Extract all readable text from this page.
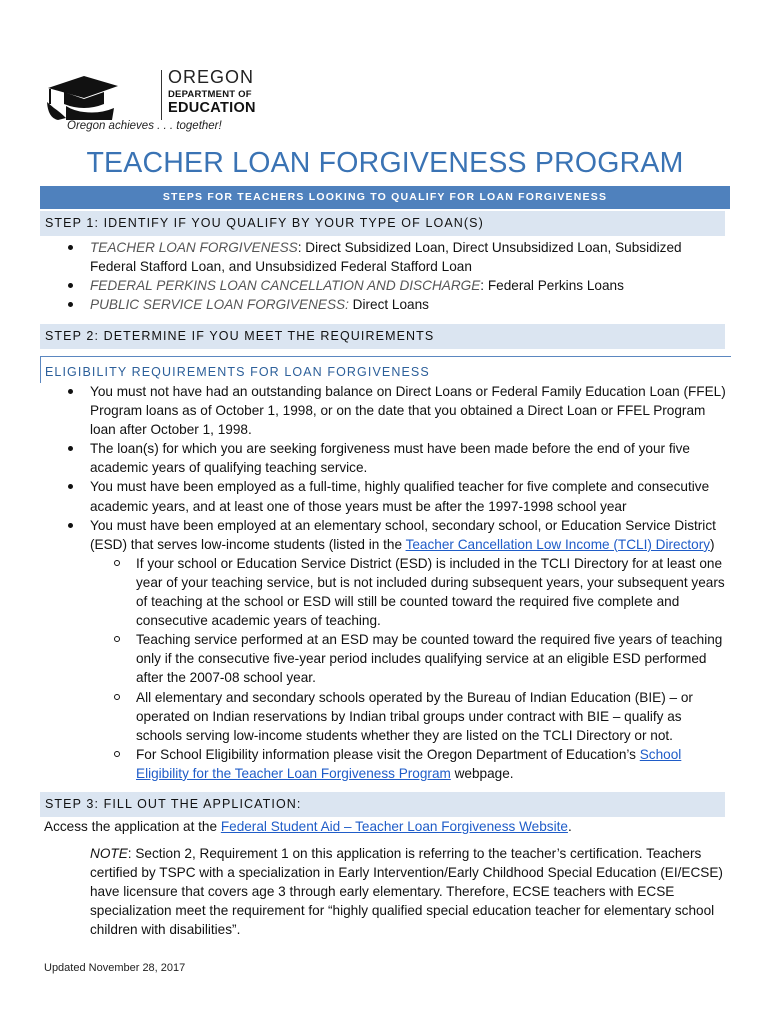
OREGON
DEPARTMENT OF
EDUCATION
Oregon achieves . . . together!
TEACHER LOAN FORGIVENESS PROGRAM
STEPS FOR TEACHERS LOOKING TO QUALIFY FOR LOAN FORGIVENESS
STEP 1: IDENTIFY IF YOU QUALIFY BY YOUR TYPE OF LOAN(S)
TEACHER LOAN FORGIVENESS: Direct Subsidized Loan, Direct Unsubsidized Loan, Subsidized Federal Stafford Loan, and Unsubsidized Federal Stafford Loan
FEDERAL PERKINS LOAN CANCELLATION AND DISCHARGE: Federal Perkins Loans
PUBLIC SERVICE LOAN FORGIVENESS: Direct Loans
STEP 2: DETERMINE IF YOU MEET THE REQUIREMENTS
ELIGIBILITY REQUIREMENTS FOR LOAN FORGIVENESS
You must not have had an outstanding balance on Direct Loans or Federal Family Education Loan (FFEL) Program loans as of October 1, 1998, or on the date that you obtained a Direct Loan or FFEL Program loan after October 1, 1998.
The loan(s) for which you are seeking forgiveness must have been made before the end of your five academic years of qualifying teaching service.
You must have been employed as a full-time, highly qualified teacher for five complete and consecutive academic years, and at least one of those years must be after the 1997-1998 school year
You must have been employed at an elementary school, secondary school, or Education Service District (ESD) that serves low-income students (listed in the Teacher Cancellation Low Income (TCLI) Directory)
If your school or Education Service District (ESD) is included in the TCLI Directory for at least one year of your teaching service, but is not included during subsequent years, your subsequent years of teaching at the school or ESD will still be counted toward the required five complete and consecutive academic years of teaching.
Teaching service performed at an ESD may be counted toward the required five years of teaching only if the consecutive five-year period includes qualifying service at an eligible ESD performed after the 2007-08 school year.
All elementary and secondary schools operated by the Bureau of Indian Education (BIE) – or operated on Indian reservations by Indian tribal groups under contract with BIE – qualify as schools serving low-income students whether they are listed on the TCLI Directory or not.
For School Eligibility information please visit the Oregon Department of Education’s School Eligibility for the Teacher Loan Forgiveness Program webpage.
STEP 3: FILL OUT THE APPLICATION:
Access the application at the Federal Student Aid – Teacher Loan Forgiveness Website.
NOTE: Section 2, Requirement 1 on this application is referring to the teacher’s certification. Teachers certified by TSPC with a specialization in Early Intervention/Early Childhood Special Education (EI/ECSE) have licensure that covers age 3 through early elementary. Therefore, ECSE teachers with ECSE specialization meet the requirement for “highly qualified special education teacher for elementary school children with disabilities”.
Updated November 28, 2017
